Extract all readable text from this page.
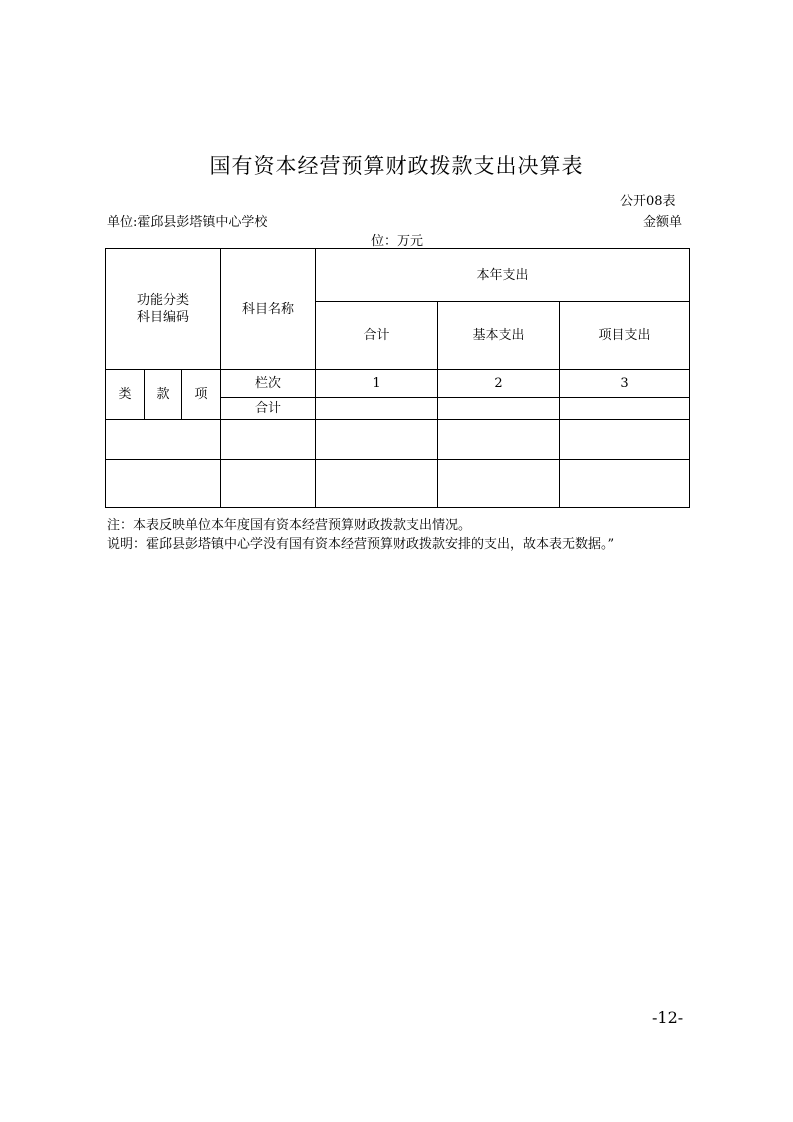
国有资本经营预算财政拨款支出决算表
公开08表
单位:霍邱县彭塔镇中心学校	金额单
位：万元
功能分类
科目编码			科目名称	本年支出		
				合计	基本支出	项目支出
类	款	项	栏次	1	2	3
			合计			

注：本表反映单位本年度国有资本经营预算财政拨款支出情况。
说明：霍邱县彭塔镇中心学没有国有资本经营预算财政拨款安排的支出，故本表无数据。”
-12-
